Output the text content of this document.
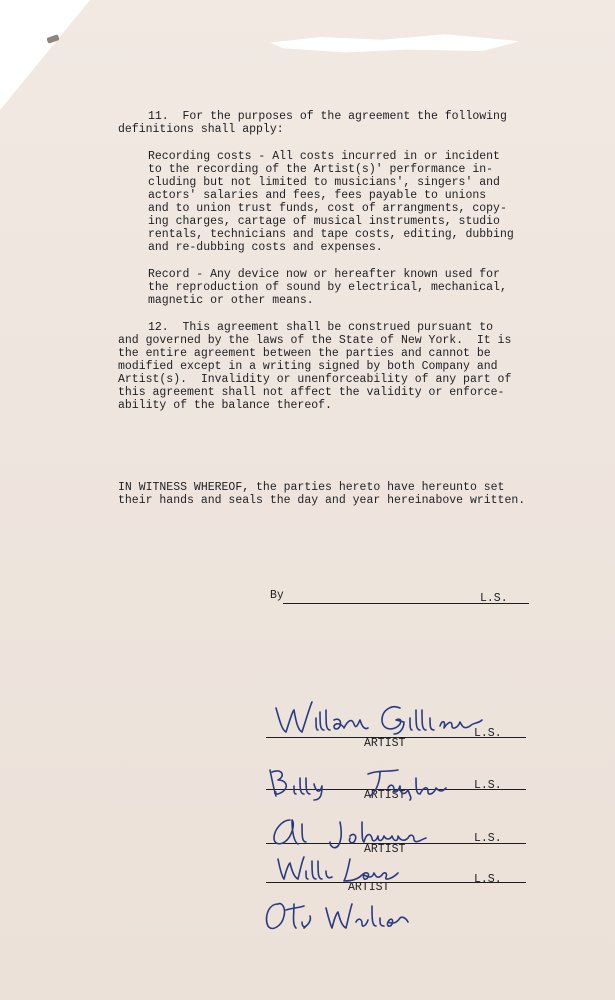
11.  For the purposes of the agreement the following

definitions shall apply:

Recording costs - All costs incurred in or incident

to the recording of the Artist(s)' performance in-

cluding but not limited to musicians', singers' and

actors' salaries and fees, fees payable to unions

and to union trust funds, cost of arrangments, copy-

ing charges, cartage of musical instruments, studio

rentals, technicians and tape costs, editing, dubbing

and re-dubbing costs and expenses.

Record - Any device now or hereafter known used for

the reproduction of sound by electrical, mechanical,

magnetic or other means.

12.  This agreement shall be construed pursuant to

and governed by the laws of the State of New York.  It is

the entire agreement between the parties and cannot be

modified except in a writing signed by both Company and

Artist(s).  Invalidity or unenforceability of any part of

this agreement shall not affect the validity or enforce-

ability of the balance thereof.

IN WITNESS WHEREOF, the parties hereto have hereunto set

their hands and seals the day and year hereinabove written.

By

	L.S.

L.S.

ARTIST

L.S.

ARTIST

L.S.

ARTIST

L.S.

ARTIST
